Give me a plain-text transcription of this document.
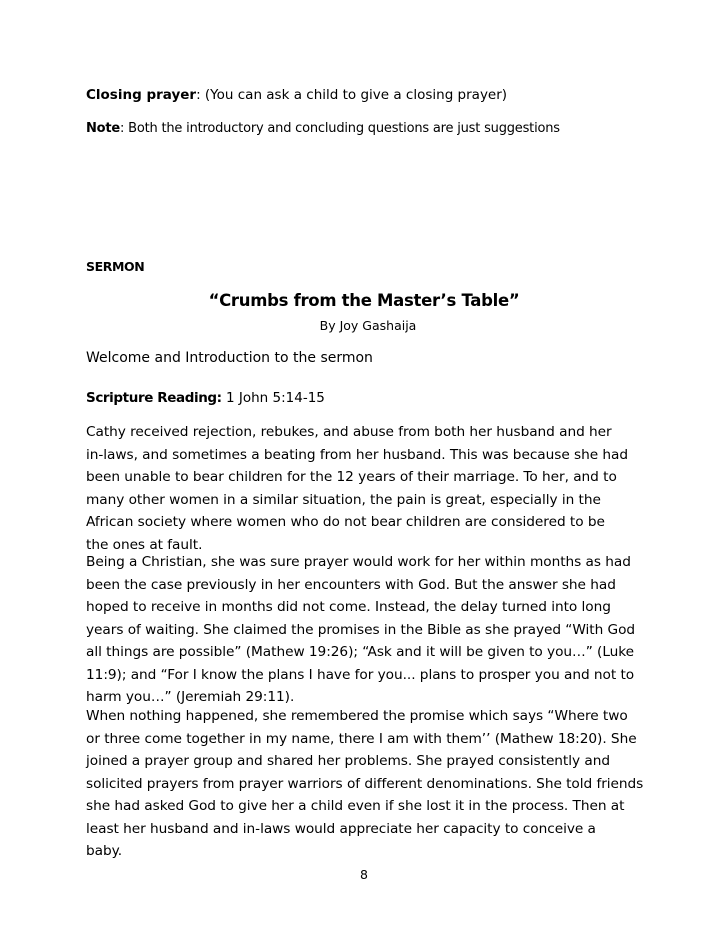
Closing prayer: (You can ask a child to give a closing prayer)
Note: Both the introductory and concluding questions are just suggestions
SERMON
“Crumbs from the Master’s Table”
By Joy Gashaija
Welcome and Introduction to the sermon
Scripture Reading: 1 John 5:14-15

Cathy received rejection, rebukes, and abuse from both her husband and her
in-laws, and sometimes a beating from her husband. This was because she had
been unable to bear children for the 12 years of their marriage. To her, and to
many other women in a similar situation, the pain is great, especially in the
African society where women who do not bear children are considered to be
the ones at fault.

Being a Christian, she was sure prayer would work for her within months as had
been the case previously in her encounters with God. But the answer she had
hoped to receive in months did not come. Instead, the delay turned into long
years of waiting. She claimed the promises in the Bible as she prayed “With God
all things are possible” (Mathew 19:26); “Ask and it will be given to you…” (Luke
11:9); and “For I know the plans I have for you... plans to prosper you and not to
harm you…” (Jeremiah 29:11).

When nothing happened, she remembered the promise which says “Where two
or three come together in my name, there I am with them’’ (Mathew 18:20). She
joined a prayer group and shared her problems. She prayed consistently and
solicited prayers from prayer warriors of different denominations. She told friends
she had asked God to give her a child even if she lost it in the process. Then at
least her husband and in-laws would appreciate her capacity to conceive a
baby.

8
